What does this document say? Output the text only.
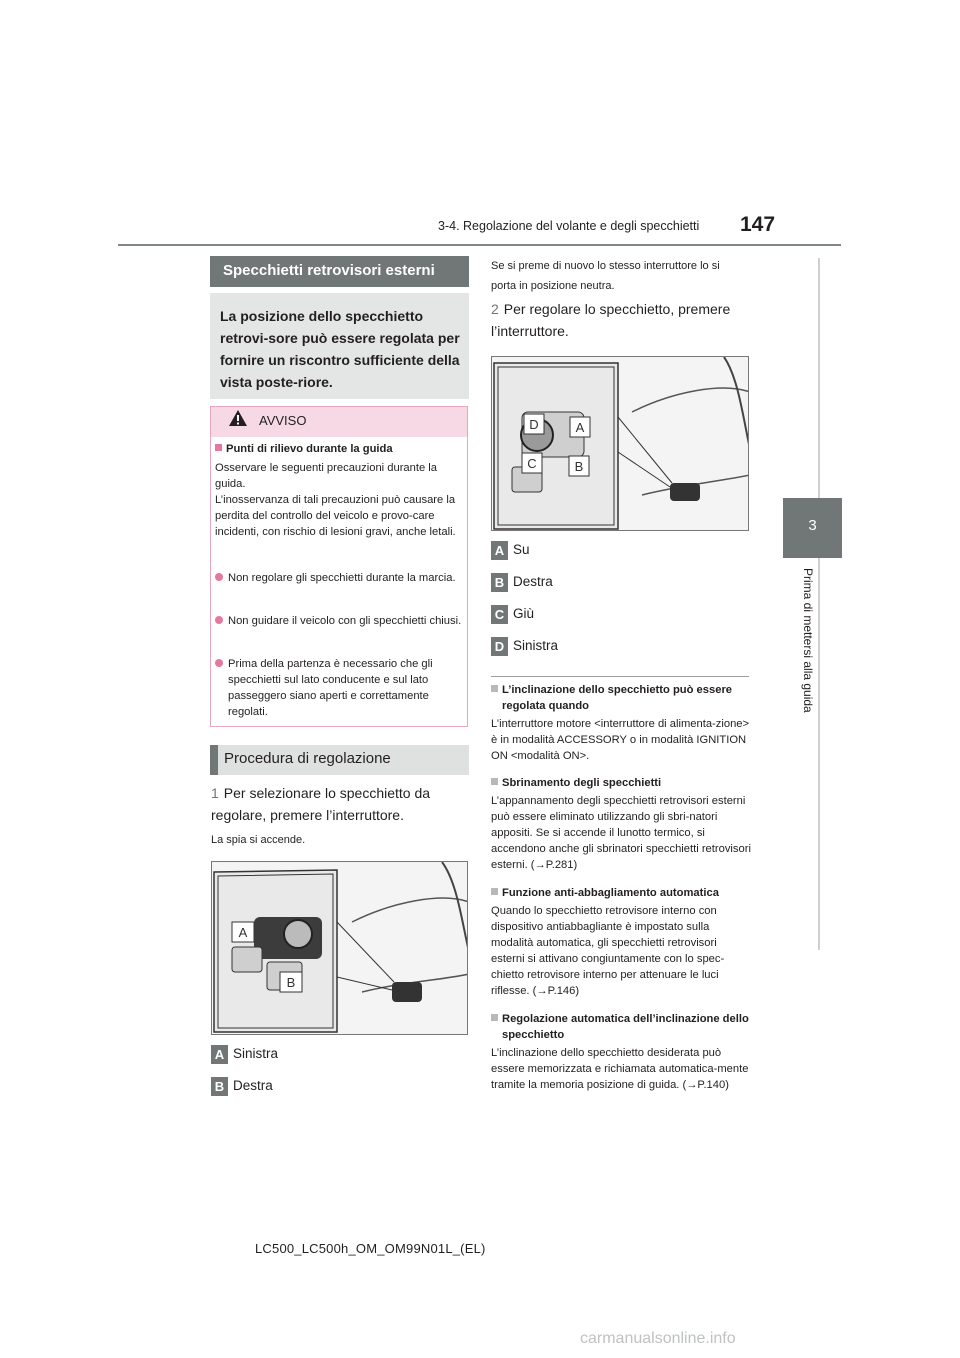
3-4. Regolazione del volante e degli specchietti 147
3
Prima di mettersi alla guida
Specchietti retrovisori esterni
La posizione dello specchietto retrovi-sore può essere regolata per fornire un riscontro sufficiente della vista poste-riore.
AVVISO
Punti di rilievo durante la guida
Osservare le seguenti precauzioni durante la guida.
L’inosservanza di tali precauzioni può causare la perdita del controllo del veicolo e provo-care incidenti, con rischio di lesioni gravi, anche letali.
Non regolare gli specchietti durante la marcia.
Non guidare il veicolo con gli specchietti chiusi.
Prima della partenza è necessario che gli specchietti sul lato conducente e sul lato passeggero siano aperti e correttamente regolati.
Procedura di regolazione
1 Per selezionare lo specchietto da regolare, premere l’interruttore.
La spia si accende.
A
B
A Sinistra
B Destra
Se si preme di nuovo lo stesso interruttore lo si porta in posizione neutra.
2 Per regolare lo specchietto, premere l’interruttore.
D	A
C	B
A Su
B Destra
C Giù
D Sinistra
L’inclinazione dello specchietto può essere regolata quando
L’interruttore motore <interruttore di alimenta-zione> è in modalità ACCESSORY o in modalità IGNITION ON <modalità ON>.
Sbrinamento degli specchietti
L’appannamento degli specchietti retrovisori esterni può essere eliminato utilizzando gli sbri-natori appositi. Se si accende il lunotto termico, si accendono anche gli sbrinatori specchietti retrovisori esterni. (→P.281)
Funzione anti-abbagliamento automatica
Quando lo specchietto retrovisore interno con dispositivo antiabbagliante è impostato sulla modalità automatica, gli specchietti retrovisori esterni si attivano congiuntamente con lo spec-chietto retrovisore interno per attenuare le luci riflesse. (→P.146)
Regolazione automatica dell’inclinazione dello specchietto
L’inclinazione dello specchietto desiderata può essere memorizzata e richiamata automatica-mente tramite la memoria posizione di guida. (→P.140)
LC500_LC500h_OM_OM99N01L_(EL)
carmanualsonline.info
